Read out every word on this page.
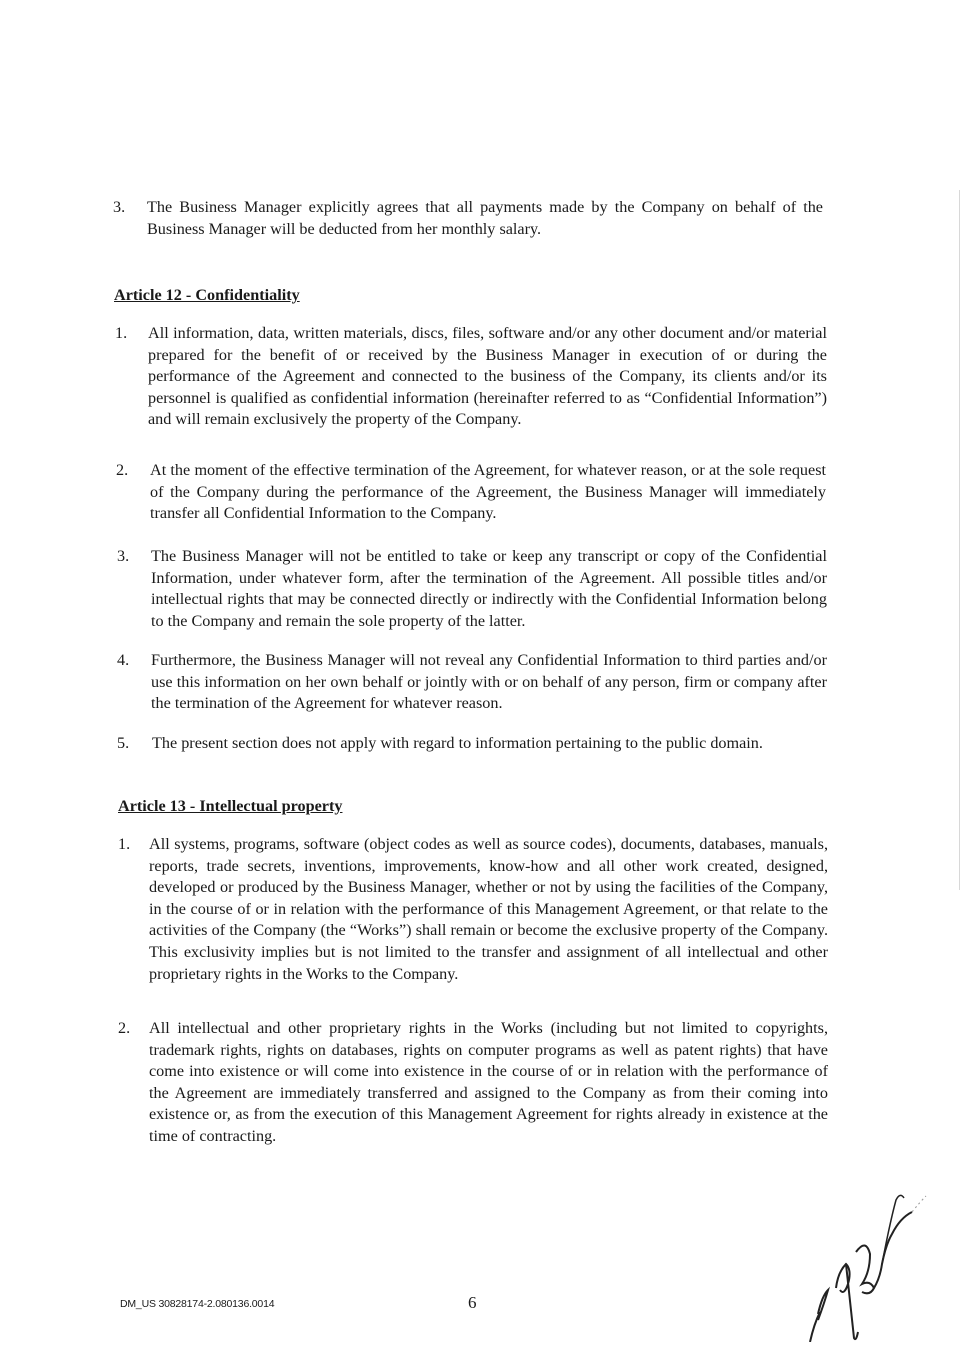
3.	The Business Manager explicitly agrees that all payments made by the Company on behalf of the Business Manager will be deducted from her monthly salary.
Article 12 - Confidentiality
1.	All information, data, written materials, discs, files, software and/or any other document and/or material prepared for the benefit of or received by the Business Manager in execution of or during the performance of the Agreement and connected to the business of the Company, its clients and/or its personnel is qualified as confidential information (hereinafter referred to as “Confidential Information”) and will remain exclusively the property of the Company.
2.	At the moment of the effective termination of the Agreement, for whatever reason, or at the sole request of the Company during the performance of the Agreement, the Business Manager will immediately transfer all Confidential Information to the Company.
3.	The Business Manager will not be entitled to take or keep any transcript or copy of the Confidential Information, under whatever form, after the termination of the Agreement. All possible titles and/or intellectual rights that may be connected directly or indirectly with the Confidential Information belong to the Company and remain the sole property of the latter.
4.	Furthermore, the Business Manager will not reveal any Confidential Information to third parties and/or use this information on her own behalf or jointly with or on behalf of any person, firm or company after the termination of the Agreement for whatever reason.
5.	The present section does not apply with regard to information pertaining to the public domain.
Article 13 - Intellectual property
1.	All systems, programs, software (object codes as well as source codes), documents, databases, manuals, reports, trade secrets, inventions, improvements, know-how and all other work created, designed, developed or produced by the Business Manager, whether or not by using the facilities of the Company, in the course of or in relation with the performance of this Management Agreement, or that relate to the activities of the Company (the “Works”) shall remain or become the exclusive property of the Company. This exclusivity implies but is not limited to the transfer and assignment of all intellectual and other proprietary rights in the Works to the Company.
2.	All intellectual and other proprietary rights in the Works (including but not limited to copyrights, trademark rights, rights on databases, rights on computer programs as well as patent rights) that have come into existence or will come into existence in the course of or in relation with the performance of the Agreement are immediately transferred and assigned to the Company as from their coming into existence or, as from the execution of this Management Agreement for rights already in existence at the time of contracting.
DM_US 30828174-2.080136.0014	6
